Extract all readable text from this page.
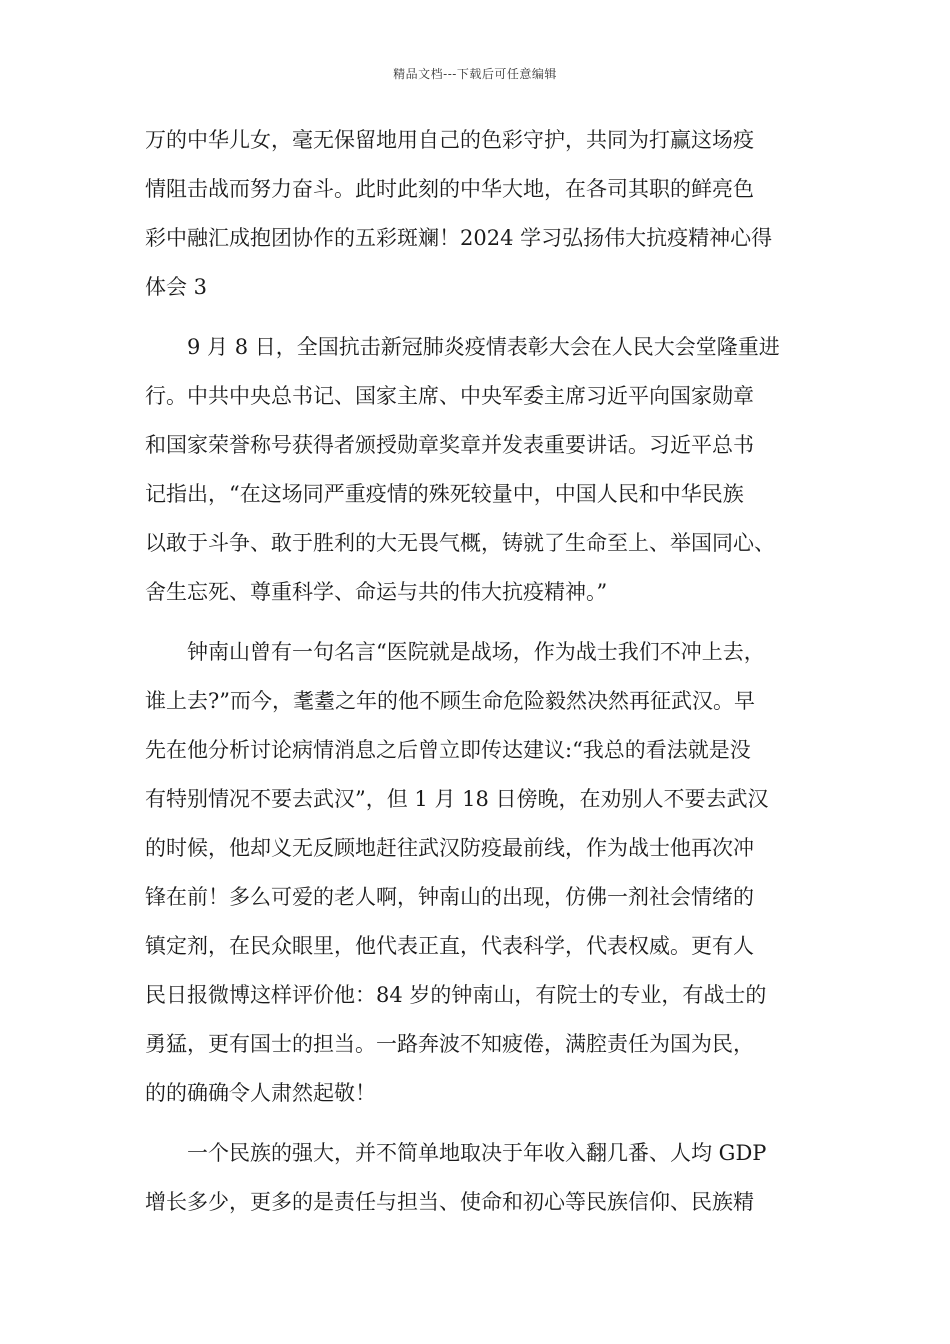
精品文档---下载后可任意编辑
万的中华儿女，毫无保留地用自己的色彩守护，共同为打赢这场疫
情阻击战而努力奋斗。此时此刻的中华大地，在各司其职的鲜亮色
彩中融汇成抱团协作的五彩斑斓！2024 学习弘扬伟大抗疫精神心得
体会 3
9 月 8 日，全国抗击新冠肺炎疫情表彰大会在人民大会堂隆重进
行。中共中央总书记、国家主席、中央军委主席习近平向国家勋章
和国家荣誉称号获得者颁授勋章奖章并发表重要讲话。习近平总书
记指出，“在这场同严重疫情的殊死较量中，中国人民和中华民族
以敢于斗争、敢于胜利的大无畏气概，铸就了生命至上、举国同心、
舍生忘死、尊重科学、命运与共的伟大抗疫精神。”
钟南山曾有一句名言“医院就是战场，作为战士我们不冲上去，
谁上去?”而今，耄耋之年的他不顾生命危险毅然决然再征武汉。早
先在他分析讨论病情消息之后曾立即传达建议:“我总的看法就是没
有特别情况不要去武汉”，但 1 月 18 日傍晚，在劝别人不要去武汉
的时候，他却义无反顾地赶往武汉防疫最前线，作为战士他再次冲
锋在前！多么可爱的老人啊，钟南山的出现，仿佛一剂社会情绪的
镇定剂，在民众眼里，他代表正直，代表科学，代表权威。更有人
民日报微博这样评价他：84 岁的钟南山，有院士的专业，有战士的
勇猛，更有国士的担当。一路奔波不知疲倦，满腔责任为国为民，
的的确确令人肃然起敬！
一个民族的强大，并不简单地取决于年收入翻几番、人均 GDP
增长多少，更多的是责任与担当、使命和初心等民族信仰、民族精
